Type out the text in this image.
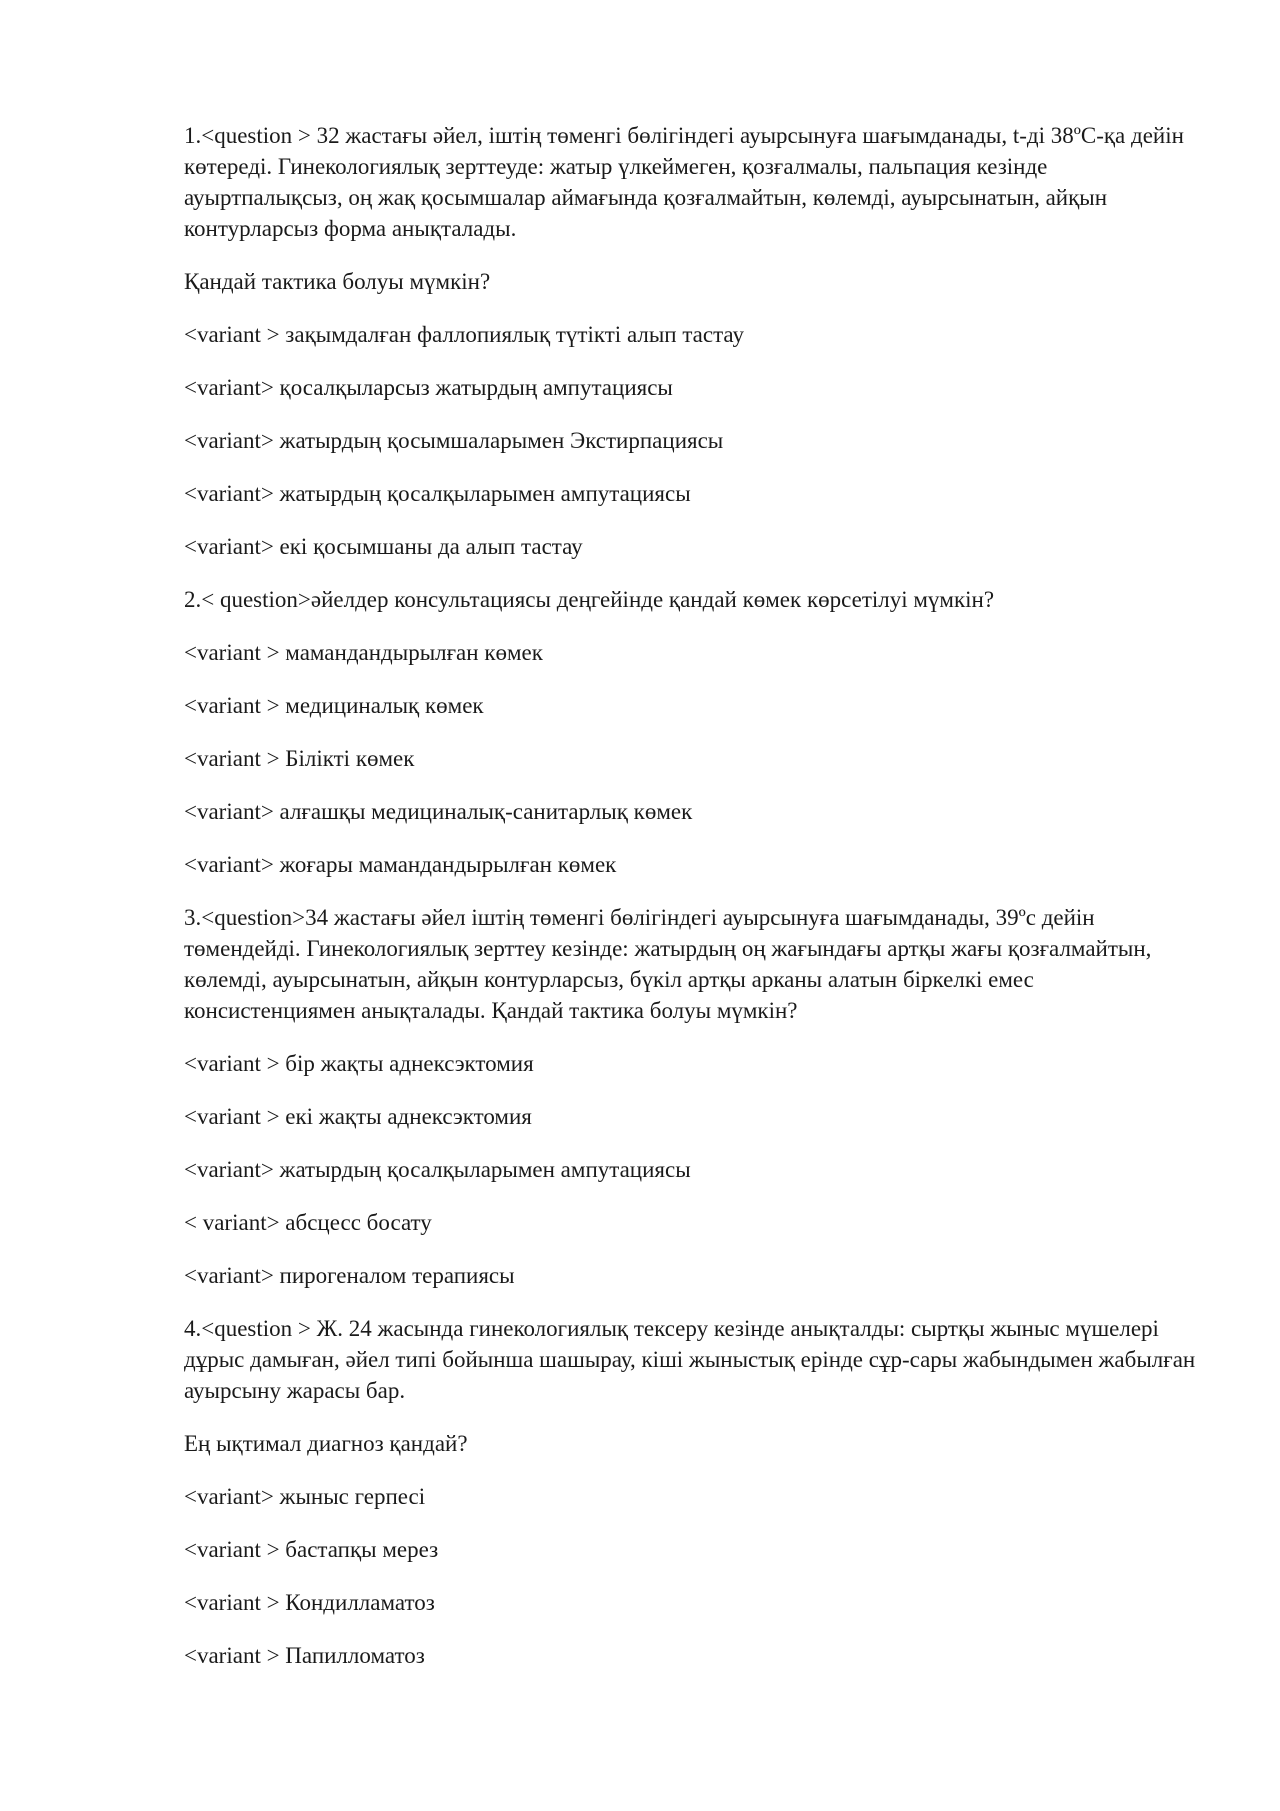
1.<question > 32 жастағы әйел, іштің төменгі бөлігіндегі ауырсынуға шағымданады, t-ді 38ºС-қа дейін көтереді. Гинекологиялық зерттеуде: жатыр үлкеймеген, қозғалмалы, пальпация кезінде ауыртпалықсыз, оң жақ қосымшалар аймағында қозғалмайтын, көлемді, ауырсынатын, айқын контурларсыз форма анықталады.

Қандай тактика болуы мүмкін?

<variant > зақымдалған фаллопиялық түтікті алып тастау

<variant> қосалқыларсыз жатырдың ампутациясы

<variant> жатырдың қосымшаларымен Экстирпациясы

<variant> жатырдың қосалқыларымен ампутациясы

<variant> екі қосымшаны да алып тастау

2.< question>әйелдер консультациясы деңгейінде қандай көмек көрсетілуі мүмкін?

<variant > мамандандырылған көмек

<variant > медициналық көмек

<variant > Білікті көмек

<variant> алғашқы медициналық-санитарлық көмек

<variant> жоғары мамандандырылған көмек

3.<question>34 жастағы әйел іштің төменгі бөлігіндегі ауырсынуға шағымданады, 39ºс дейін төмендейді. Гинекологиялық зерттеу кезінде: жатырдың оң жағындағы артқы жағы қозғалмайтын, көлемді, ауырсынатын, айқын контурларсыз, бүкіл артқы арканы алатын біркелкі емес консистенциямен анықталады. Қандай тактика болуы мүмкін?

<variant > бір жақты аднексэктомия

<variant > екі жақты аднексэктомия

<variant> жатырдың қосалқыларымен ампутациясы

< variant> абсцесс босату

<variant> пирогеналом терапиясы

4.<question > Ж. 24 жасында гинекологиялық тексеру кезінде анықталды: сыртқы жыныс мүшелері дұрыс дамыған, әйел типі бойынша шашырау, кіші жыныстық ерінде сұр-сары жабындымен жабылған ауырсыну жарасы бар.

Ең ықтимал диагноз қандай?

<variant> жыныс герпесі

<variant > бастапқы мерез

<variant > Кондилламатоз

<variant > Папилломатоз
